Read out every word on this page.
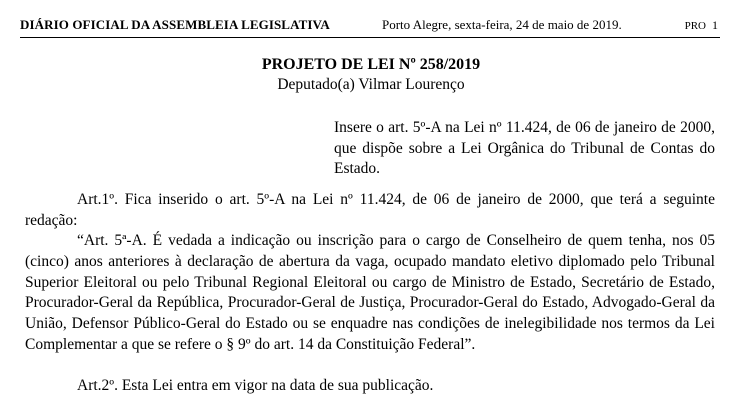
DIÁRIO OFICIAL DA ASSEMBLEIA LEGISLATIVA	Porto Alegre, sexta-feira, 24 de maio de 2019.	PRO 1
PROJETO DE LEI Nº 258/2019
Deputado(a) Vilmar Lourenço
Insere o art. 5º-A na Lei nº 11.424, de 06 de janeiro de 2000, que dispõe sobre a Lei Orgânica do Tribunal de Contas do Estado.
Art.1º. Fica inserido o art. 5º-A na Lei nº 11.424, de 06 de janeiro de 2000, que terá a seguinte redação:
“Art. 5ª-A. É vedada a indicação ou inscrição para o cargo de Conselheiro de quem tenha, nos 05 (cinco) anos anteriores à declaração de abertura da vaga, ocupado mandato eletivo diplomado pelo Tribunal Superior Eleitoral ou pelo Tribunal Regional Eleitoral ou cargo de Ministro de Estado, Secretário de Estado, Procurador-Geral da República, Procurador-Geral de Justiça, Procurador-Geral do Estado, Advogado-Geral da União, Defensor Público-Geral do Estado ou se enquadre nas condições de inelegibilidade nos termos da Lei Complementar a que se refere o § 9º do art. 14 da Constituição Federal”.
Art.2º. Esta Lei entra em vigor na data de sua publicação.
